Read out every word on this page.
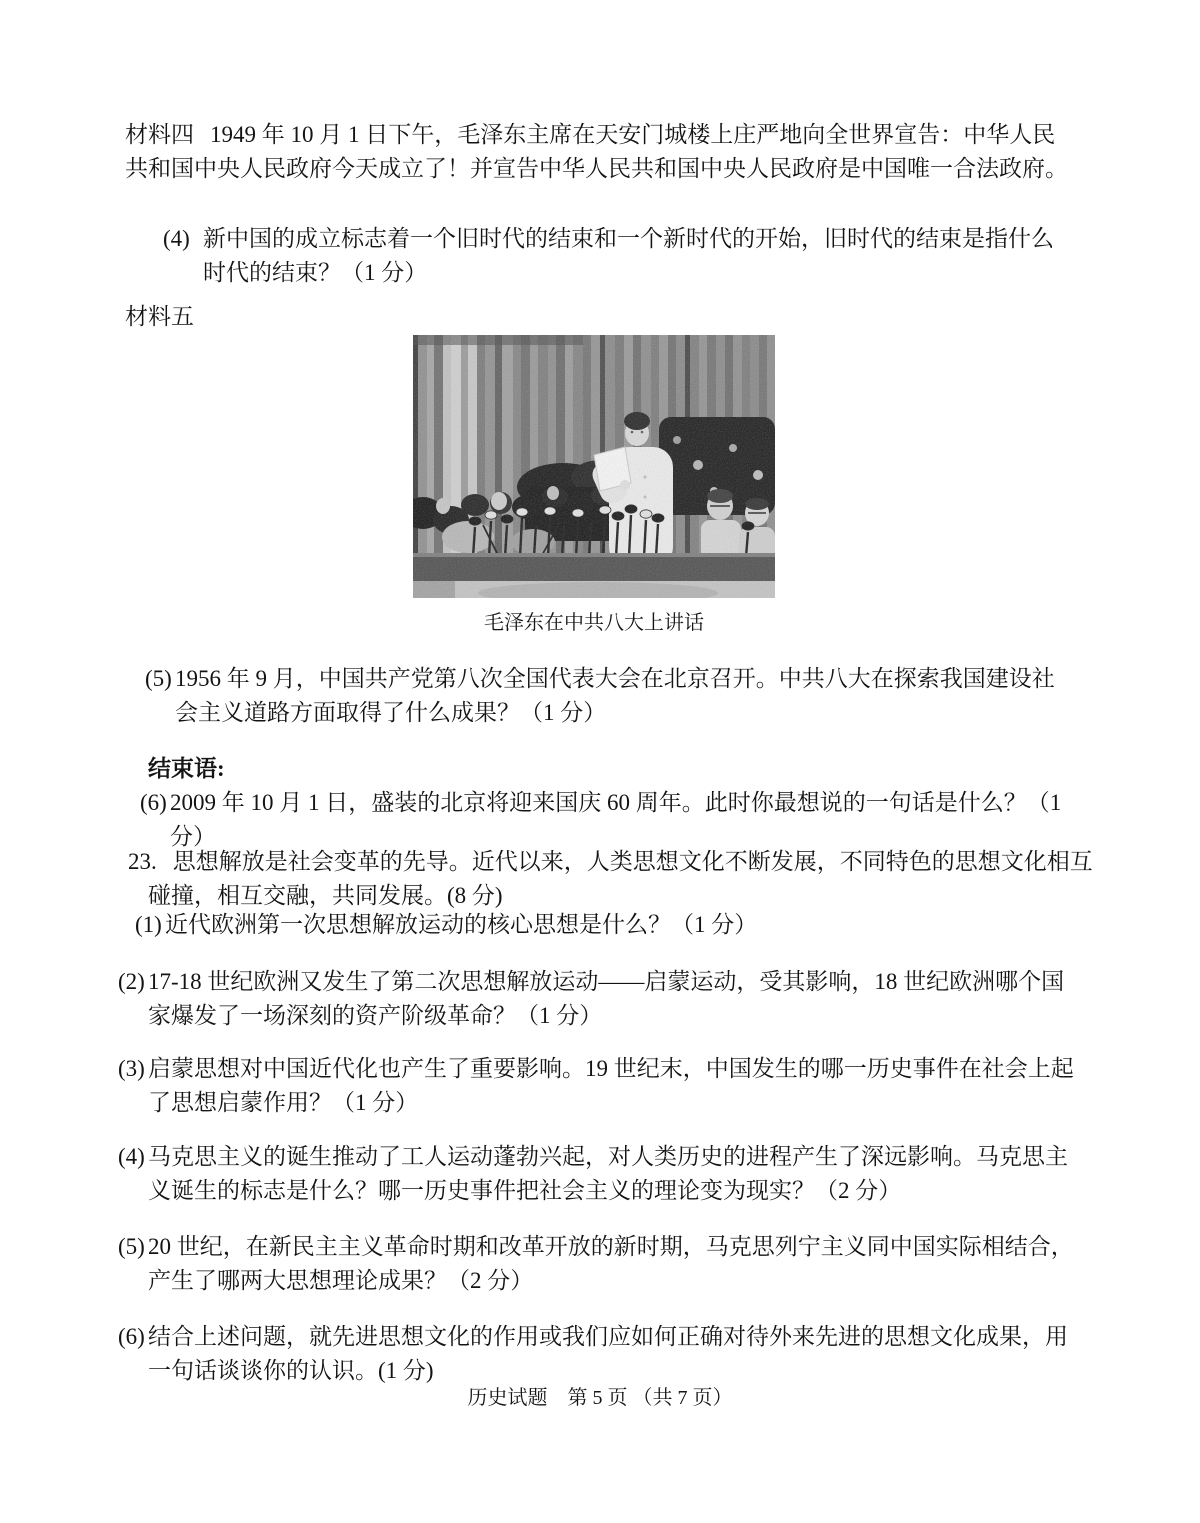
材料四 1949 年 10 月 1 日下午，毛泽东主席在天安门城楼上庄严地向全世界宣告：中华人民共和国中央人民政府今天成立了！并宣告中华人民共和国中央人民政府是中国唯一合法政府。

(4) 新中国的成立标志着一个旧时代的结束和一个新时代的开始，旧时代的结束是指什么时代的结束？（1 分）

材料五

毛泽东在中共八大上讲话
(5) 1956 年 9 月，中国共产党第八次全国代表大会在北京召开。中共八大在探索我国建设社会主义道路方面取得了什么成果？（1 分）

结束语:

(6) 2009 年 10 月 1 日，盛装的北京将迎来国庆 60 周年。此时你最想说的一句话是什么？（1 分）

23. 思想解放是社会变革的先导。近代以来，人类思想文化不断发展，不同特色的思想文化相互碰撞，相互交融，共同发展。(8 分)

(1) 近代欧洲第一次思想解放运动的核心思想是什么？（1 分）
(2) 17-18 世纪欧洲又发生了第二次思想解放运动——启蒙运动，受其影响，18 世纪欧洲哪个国家爆发了一场深刻的资产阶级革命？（1 分）
(3) 启蒙思想对中国近代化也产生了重要影响。19 世纪末，中国发生的哪一历史事件在社会上起了思想启蒙作用？（1 分）
(4) 马克思主义的诞生推动了工人运动蓬勃兴起，对人类历史的进程产生了深远影响。马克思主义诞生的标志是什么？哪一历史事件把社会主义的理论变为现实？（2 分）
(5) 20 世纪，在新民主主义革命时期和改革开放的新时期，马克思列宁主义同中国实际相结合，产生了哪两大思想理论成果？（2 分）
(6) 结合上述问题，就先进思想文化的作用或我们应如何正确对待外来先进的思想文化成果，用一句话谈谈你的认识。(1 分)

历史试题　第 5 页 （共 7 页）
